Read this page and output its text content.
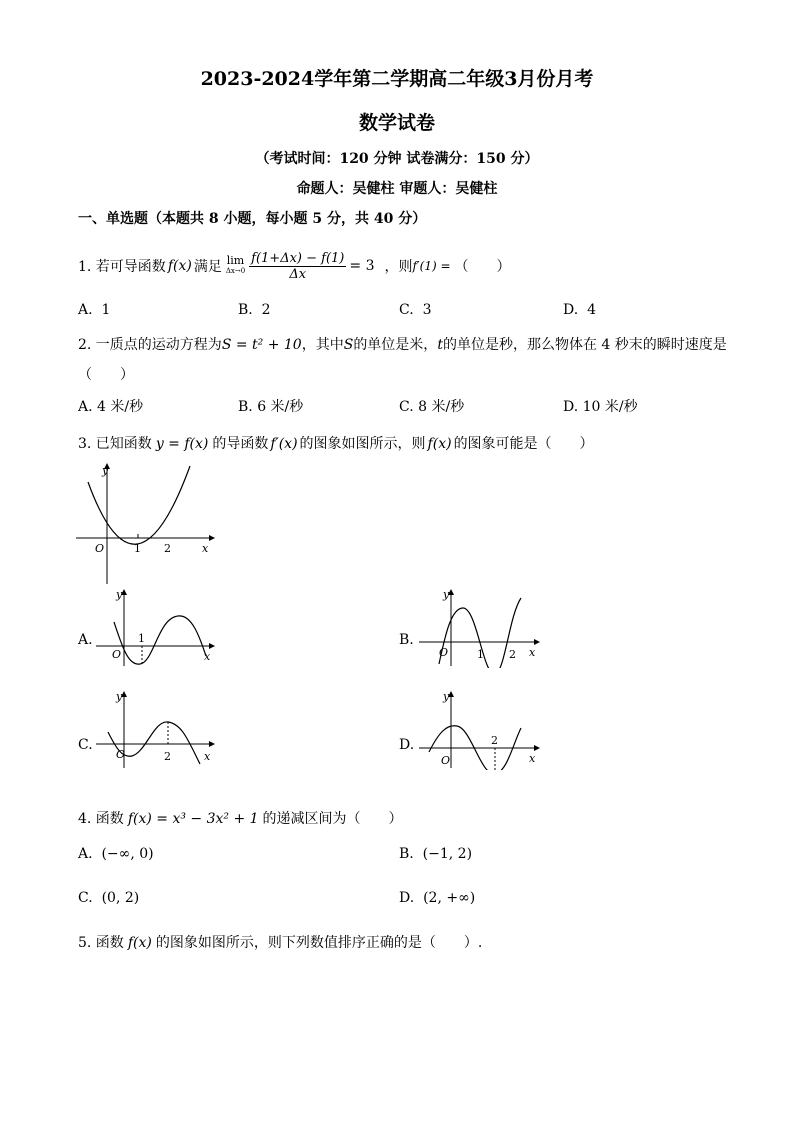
2023-2024学年第二学期高二年级3月份月考
数学试卷
（考试时间：120 分钟 试卷满分：150 分）
命题人：吴健柱 审题人：吴健柱
一、单选题（本题共 8 小题，每小题 5 分，共 40 分）
1. 若可导函数 f(x) 满足 lim
$\Delta x\to 0 \frac{f(1+\Delta x) - f(1)}{\Delta x} = 3$ ，则 f′(1) = （　　）
A. 1	B. 2	C. 3	D. 4
2. 一质点的运动方程为S = t² + 10，其中S的单位是米，t的单位是秒，那么物体在 4 秒末的瞬时速度是
（　　）
A. 4 米/秒	B. 6 米/秒	C. 8 米/秒	D. 10 米/秒
3. 已知函数 y = f(x) 的导函数 f′(x) 的图象如图所示，则 f(x) 的图象可能是（　　）
y
x
O	1 2
A.
y
x
O
1	B.
y
x
O	1 2
C.
y
x
O	2
D.
y
x
O
2
4. 函数 f(x) = x³ − 3x² + 1 的递减区间为（　　）
A. (−∞, 0)	B. (−1, 2)
C. (0, 2)	D. (2, +∞)
5. 函数 f(x) 的图象如图所示，则下列数值排序正确的是（　　）.
